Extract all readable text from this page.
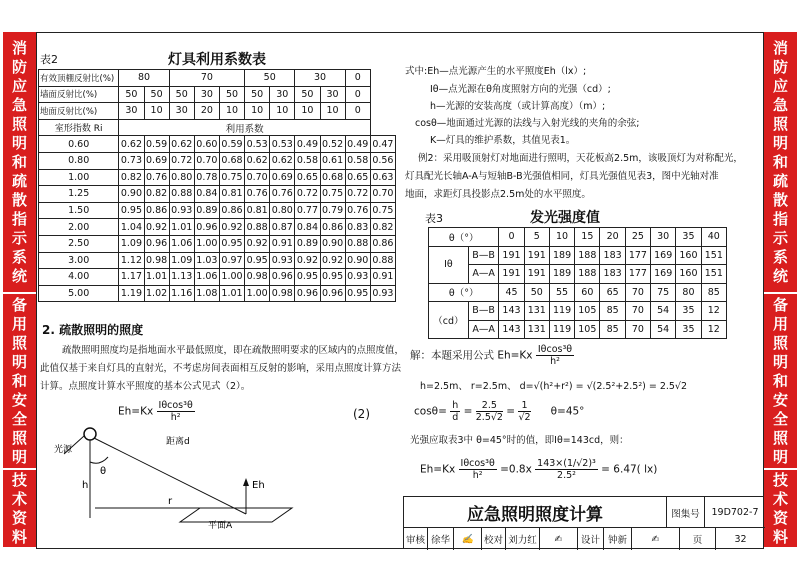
消防应急照明和疏散指示系统
备用照明和安全照明
技术资料
消防应急照明和疏散指示系统
备用照明和安全照明
技术资料
表2	灯具利用系数表
有效顶棚反射比(%)	80		70			50		30		0	
墙面反射比(%)	50	50	50	30	50	50	30	50	30	0	
地面反射比(%)	30	10	30	20	10	10	10	10	10	0	
室形指数 Ri	利用系数										
0.60	0.62	0.59	0.62	0.60	0.59	0.53	0.53	0.49	0.52	0.49	0.47
0.80	0.73	0.69	0.72	0.70	0.68	0.62	0.62	0.58	0.61	0.58	0.56
1.00	0.82	0.76	0.80	0.78	0.75	0.70	0.69	0.65	0.68	0.65	0.63
1.25	0.90	0.82	0.88	0.84	0.81	0.76	0.76	0.72	0.75	0.72	0.70
1.50	0.95	0.86	0.93	0.89	0.86	0.81	0.80	0.77	0.79	0.76	0.75
2.00	1.04	0.92	1.01	0.96	0.92	0.88	0.87	0.84	0.86	0.83	0.82
2.50	1.09	0.96	1.06	1.00	0.95	0.92	0.91	0.89	0.90	0.88	0.86
3.00	1.12	0.98	1.09	1.03	0.97	0.95	0.93	0.92	0.92	0.90	0.88
4.00	1.17	1.01	1.13	1.06	1.00	0.98	0.96	0.95	0.95	0.93	0.91
5.00	1.19	1.02	1.16	1.08	1.01	1.00	0.98	0.96	0.96	0.95	0.93
2. 疏散照明的照度
疏散照明照度均是指地面水平最低照度，即在疏散照明要求的区域内的点照度值，
此值仅基于来自灯具的直射光，不考虑房间表面相互反射的影响，采用点照度计算方法
计算。点照度计算水平照度的基本公式见式（2）。
$Eh=Kx \frac{\text{Iθcos³θ}}{\text{h²}}$	(2)
光源
距离d
θ
h
r
Eh
平面A
式中:Eh—点光源产生的水平照度Eh（lx）;
Iθ—点光源在θ角度照射方向的光强（cd）;
h—光源的安装高度（或计算高度）（m）;
cosθ—地面通过光源的法线与入射光线的夹角的余弦;
K—灯具的维护系数，其值见表1。
例2：采用吸顶射灯对地面进行照明，天花板高2.5m，该吸顶灯为对称配光，
灯具配光长轴A-A与短轴B-B光强值相同，灯具光强值见表3，图中光轴对准
地面，求距灯具投影点2.5m处的水平照度。
表3	发光强度值
θ（°）		0	5	10	15	20	25	30	35	40
Iθ	B—B	191	191	189	188	183	177	169	160	151
	A—A	191	191	189	188	183	177	169	160	151
θ（°）		45	50	55	60	65	70	75	80	85
（cd）	B—B	143	131	119	105	85	70	54	35	12
	A—A	143	131	119	105	85	70	54	35	12
解：本题采用公式 $Eh=Kx \frac{\text{Iθcos³θ}}{\text{h²}}$
h=2.5m、 r=2.5m、 d=√(h²+r²) = √(2.5²+2.5²) = 2.5√2
$\cos\theta= \frac{h}{d} = \frac{2.5}{2.5√2} = \frac{1}{√2} \theta=45^\circ$
光强应取表3中 θ=45°时的值，即Iθ=143cd，则：
$Eh=Kx \frac{\text{Iθcos³θ}}{\text{h²}} =0.8x \frac{\text{143×(1/√2)³}}{\text{2.5²}} = 6.47$( lx)
应急照明照度计算	图集号	19D702-7
审核 徐华	✍	校对 刘力红	✍	设计 钟新	✍	页	32
